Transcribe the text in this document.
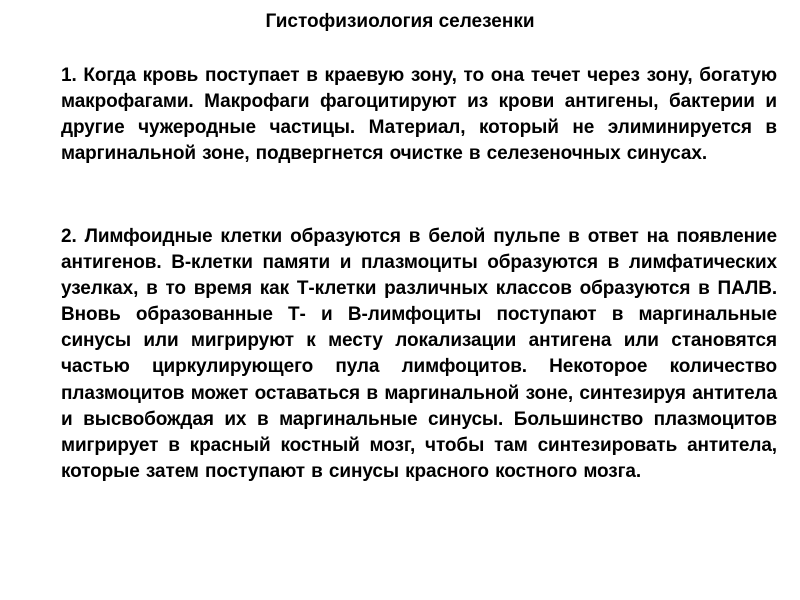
Гистофизиология селезенки

1. Когда кровь поступает в краевую зону, то она течет через зону, богатую макрофагами. Макрофаги фагоцитируют из крови антигены, бактерии и другие чужеродные частицы. Материал, который не элиминируется в маргинальной зоне, подвергнется очистке в селезеночных синусах.

2. Лимфоидные клетки образуются в белой пульпе в ответ на появление антигенов. В-клетки памяти и плазмоциты образуются в лимфатических узелках, в то время как Т-клетки различных классов образуются в ПАЛВ. Вновь образованные Т- и В-лимфоциты поступают в маргинальные синусы или мигрируют к месту локализации антигена или становятся частью циркулирующего пула лимфоцитов. Некоторое количество плазмоцитов может оставаться в маргинальной зоне, синтезируя антитела и высвобождая их в маргинальные синусы. Большинство плазмоцитов мигрирует в красный костный мозг, чтобы там синтезировать антитела, которые затем поступают в синусы красного костного мозга.
